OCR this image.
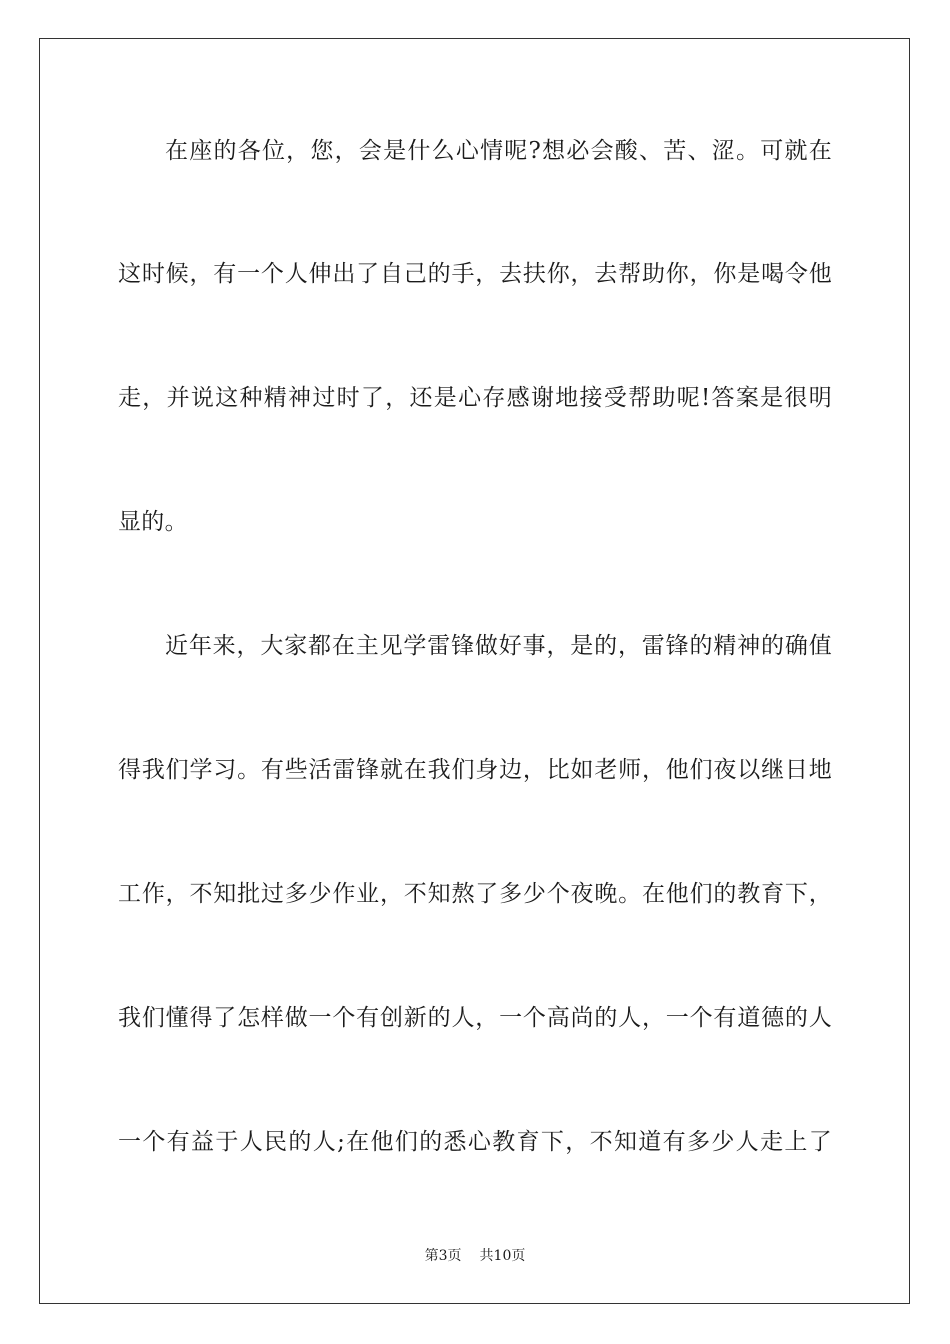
在座的各位，您，会是什么心情呢?想必会酸、苦、涩。可就在
这时候，有一个人伸出了自己的手，去扶你，去帮助你，你是喝令他
走，并说这种精神过时了，还是心存感谢地接受帮助呢!答案是很明
显的。
近年来，大家都在主见学雷锋做好事，是的，雷锋的精神的确值
得我们学习。有些活雷锋就在我们身边，比如老师，他们夜以继日地
工作，不知批过多少作业，不知熬了多少个夜晚。在他们的教育下，
我们懂得了怎样做一个有创新的人，一个高尚的人，一个有道德的人
一个有益于人民的人;在他们的悉心教育下，不知道有多少人走上了
第3页 共10页
